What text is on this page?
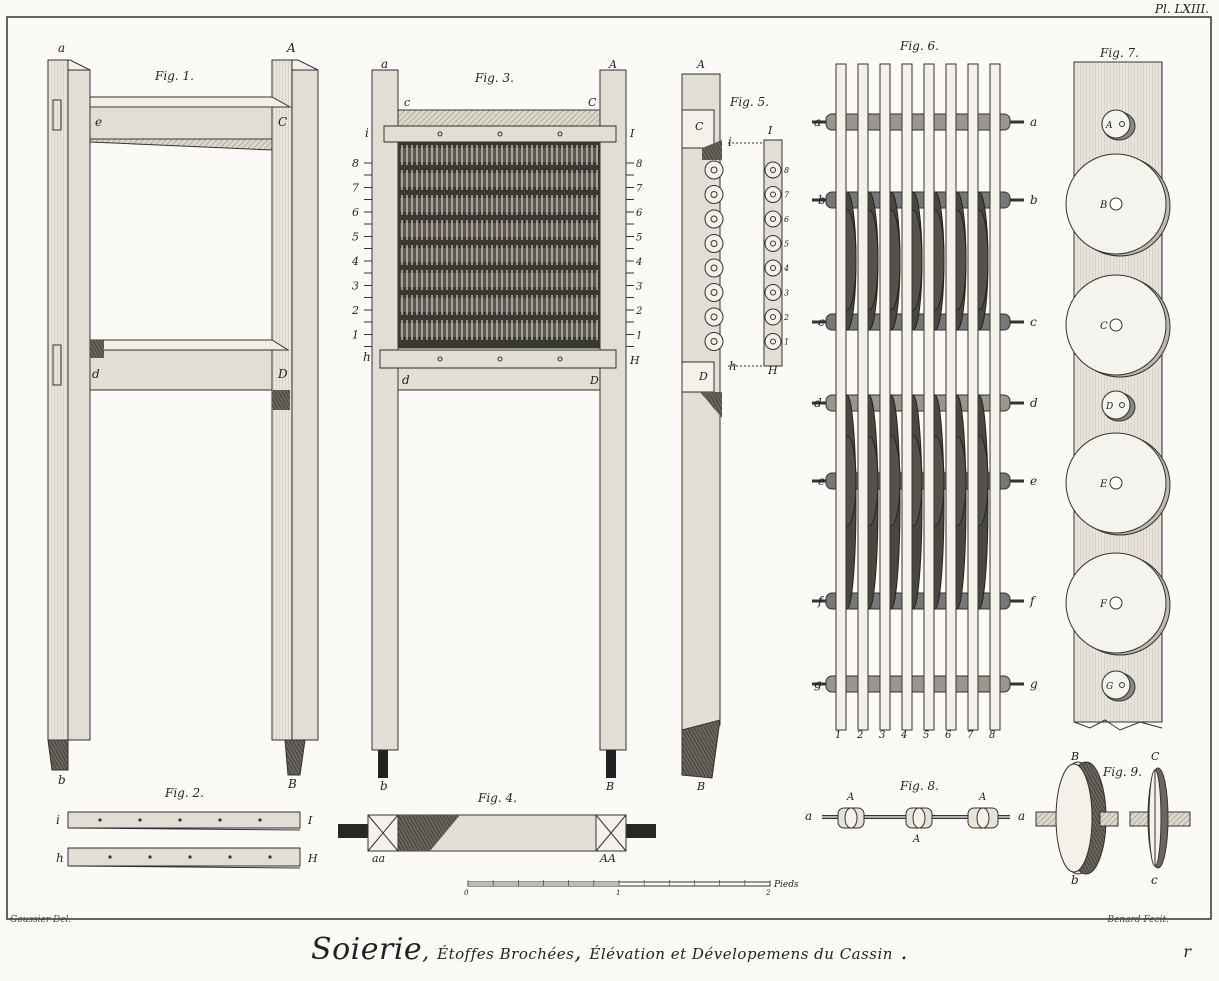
Fig. 1.
a	A
e	C
d	D
b	B
Fig. 2.
i	I
h	H
8	8
7	7
6	6
5	5
4	4
3	3
2	2
1	1
Fig. 3.
a	A
c	C
i	I
h	H
d	D
b	B
Fig. 4.
aa	AA
8
7
6
5
4
3
2
1
Fig. 5.
A
C
i
I
D
h	H
B
a	a
b	b
c	c
d	d
e	e
f	f
g	g
1 2 3 4 5 6 7 8
Fig. 6.
A
B
C
D
E
F
G
Fig. 7.
Fig. 8.
a
A
A
A
a
Fig. 9.
B
b
C
c
Pieds
0	1	2
Pl. LXIII.
Goussier Del.	Benard Fecit.
Soierie, Étoffes Brochées, Élévation et Dévelopemens du Cassin .	r
